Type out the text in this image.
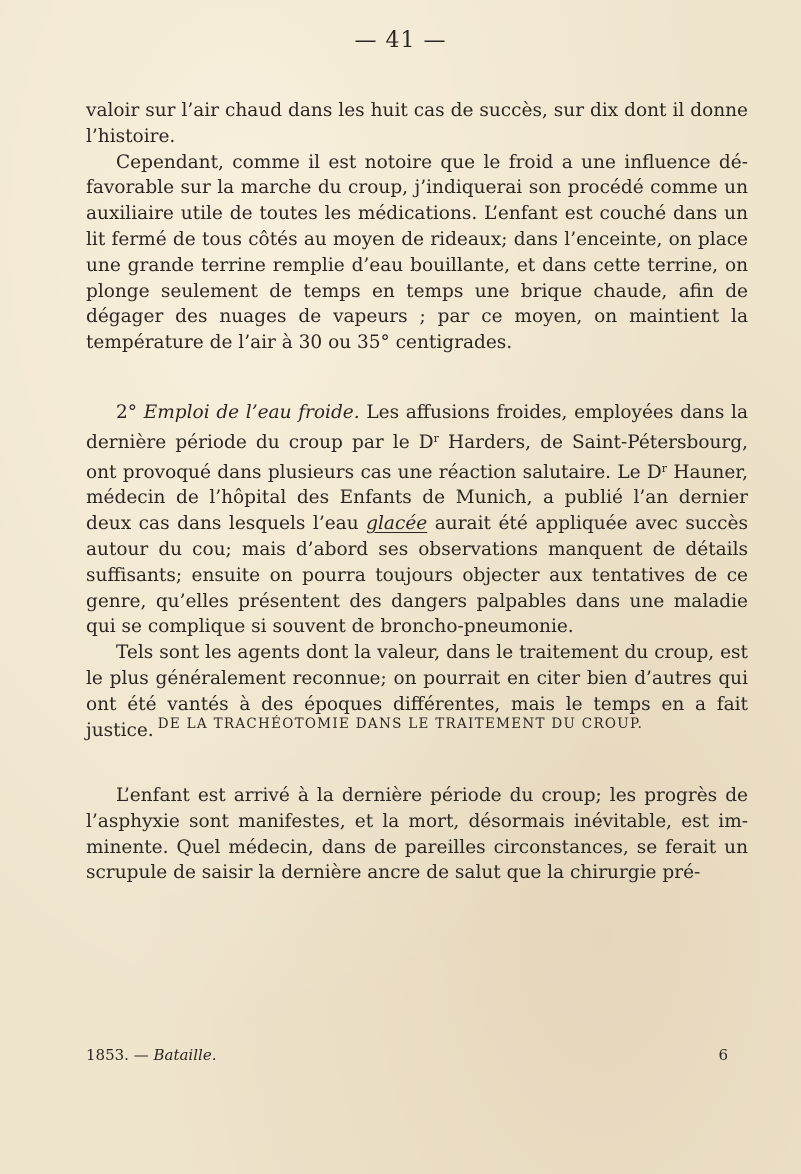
— 41 —

valoir sur l’air chaud dans les huit cas de succès, sur dix dont il donne l’histoire.

Cependant, comme il est notoire que le froid a une influence défavorable sur la marche du croup, j’indiquerai son procédé comme un auxiliaire utile de toutes les médications. L’enfant est couché dans un lit fermé de tous côtés au moyen de rideaux; dans l’enceinte, on place une grande terrine remplie d’eau bouillante, et dans cette terrine, on plonge seulement de temps en temps une brique chaude, afin de dégager des nuages de vapeurs ; par ce moyen, on maintient la température de l’air à 30 ou 35° centigrades.

2° Emploi de l’eau froide. Les affusions froides, employées dans la dernière période du croup par le $D^r$ Harders, de Saint-Pétersbourg, ont provoqué dans plusieurs cas une réaction salutaire. Le $D^r$ Hauner, médecin de l’hôpital des Enfants de Munich, a publié l’an dernier deux cas dans lesquels l’eau glacée aurait été appliquée avec succès autour du cou; mais d’abord ses observations manquent de détails suffisants; ensuite on pourra toujours objecter aux tentatives de ce genre, qu’elles présentent des dangers palpables dans une maladie qui se complique si souvent de broncho-pneumonie.

Tels sont les agents dont la valeur, dans le traitement du croup, est le plus généralement reconnue; on pourrait en citer bien d’autres qui ont été vantés à des époques différentes, mais le temps en a fait justice. DE LA TRACHÉOTOMIE DANS LE TRAITEMENT DU CROUP.

L’enfant est arrivé à la dernière période du croup; les progrès de l’asphyxie sont manifestes, et la mort, désormais inévitable, est imminente. Quel médecin, dans de pareilles circonstances, se ferait un scrupule de saisir la dernière ancre de salut que la chirurgie pré-

1853. — Bataille.	6
